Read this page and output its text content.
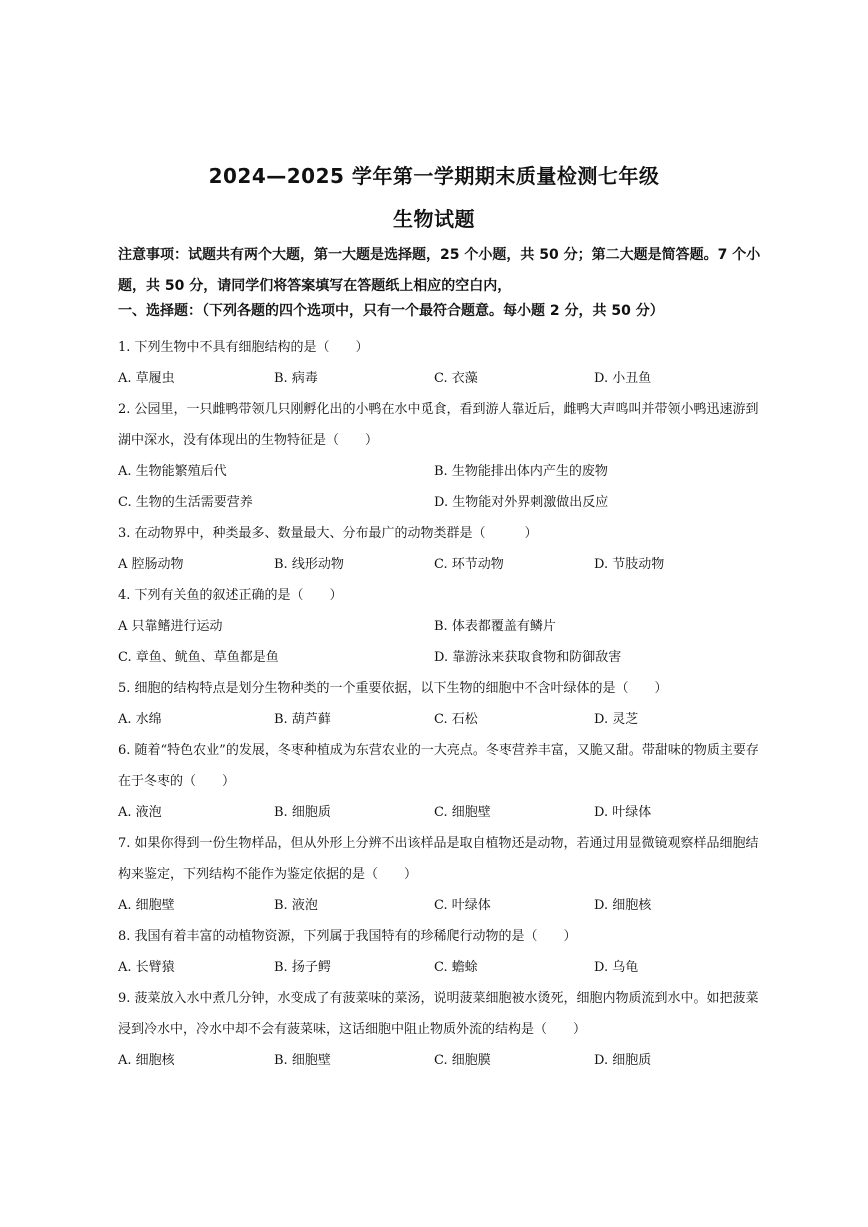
2024—2025 学年第一学期期末质量检测七年级
生物试题
注意事项：试题共有两个大题，第一大题是选择题，25 个小题，共 50 分；第二大题是简答题。7 个小题，共 50 分，请同学们将答案填写在答题纸上相应的空白内，
一、选择题：（下列各题的四个选项中，只有一个最符合题意。每小题 2 分，共 50 分）
1. 下列生物中不具有细胞结构的是（　　）
A. 草履虫	B. 病毒	C. 衣藻	D. 小丑鱼
2. 公园里，一只雌鸭带领几只刚孵化出的小鸭在水中觅食，看到游人靠近后，雌鸭大声鸣叫并带领小鸭迅速游到湖中深水，没有体现出的生物特征是（　　）
A. 生物能繁殖后代	B. 生物能排出体内产生的废物
C. 生物的生活需要营养	D. 生物能对外界刺激做出反应
3. 在动物界中，种类最多、数量最大、分布最广的动物类群是（　　　）
A 腔肠动物	B. 线形动物	C. 环节动物	D. 节肢动物
4. 下列有关鱼的叙述正确的是（　　）
A 只靠鳍进行运动	B. 体表都覆盖有鳞片
C. 章鱼、鱿鱼、草鱼都是鱼	D. 靠游泳来获取食物和防御敌害
5. 细胞的结构特点是划分生物种类的一个重要依据，以下生物的细胞中不含叶绿体的是（　　）
A. 水绵	B. 葫芦藓	C. 石松	D. 灵芝
6. 随着“特色农业”的发展，冬枣种植成为东营农业的一大亮点。冬枣营养丰富，又脆又甜。带甜味的物质主要存在于冬枣的（　　）
A. 液泡	B. 细胞质	C. 细胞壁	D. 叶绿体
7. 如果你得到一份生物样品，但从外形上分辨不出该样品是取自植物还是动物，若通过用显微镜观察样品细胞结构来鉴定，下列结构不能作为鉴定依据的是（　　）
A. 细胞壁	B. 液泡	C. 叶绿体	D. 细胞核
8. 我国有着丰富的动植物资源，下列属于我国特有的珍稀爬行动物的是（　　）
A. 长臂猿	B. 扬子鳄	C. 蟾蜍	D. 乌龟
9. 菠菜放入水中煮几分钟，水变成了有菠菜味的菜汤，说明菠菜细胞被水烫死，细胞内物质流到水中。如把菠菜浸到冷水中，冷水中却不会有菠菜味，这话细胞中阻止物质外流的结构是（　　）
A. 细胞核	B. 细胞壁	C. 细胞膜	D. 细胞质
